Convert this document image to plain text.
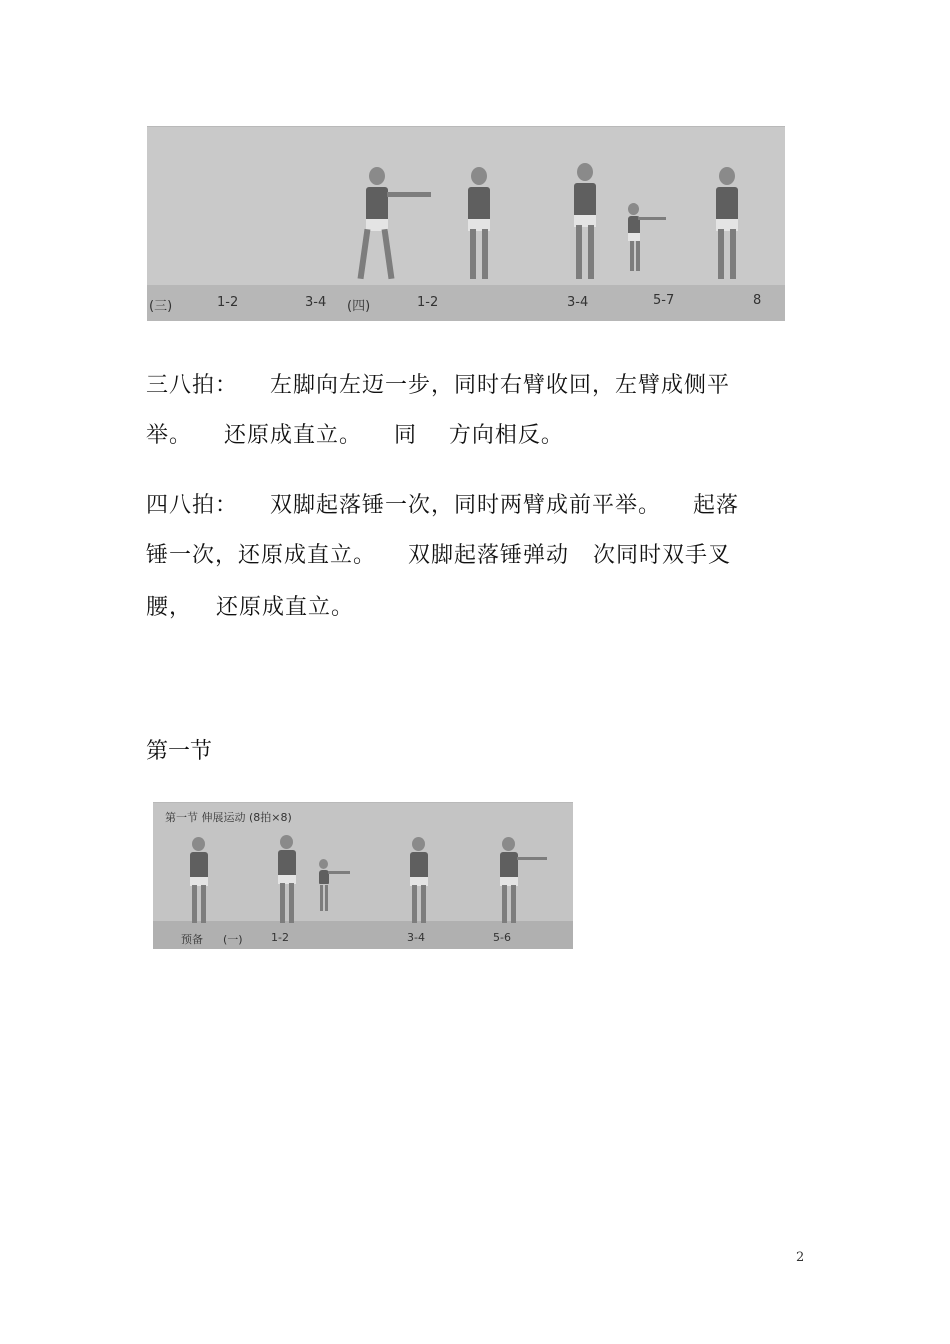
(三)	1-2	3-4 (四)	1-2	3-4	5-7	8
三八拍：    左脚向左迈一步，同时右臂收回，左臂成侧平
举。    还原成直立。    同    方向相反。
四八拍：    双脚起落锤一次，同时两臂成前平举。    起落
锤一次，还原成直立。    双脚起落锤弹动   次同时双手叉
腰，   还原成直立。
第一节
第一节 伸展运动 (8拍×8)
预备 (一)	1-2	3-4	5-6
2
